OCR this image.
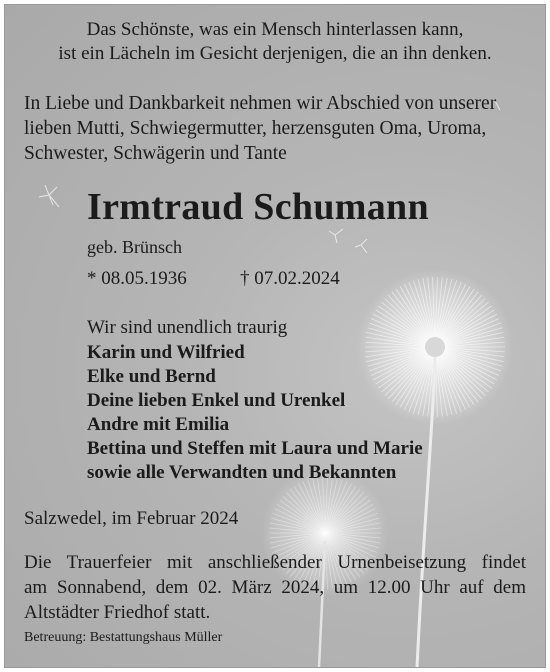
Das Schönste, was ein Mensch hinterlassen kann,
ist ein Lächeln im Gesicht derjenigen, die an ihn denken.
In Liebe und Dankbarkeit nehmen wir Abschied von unserer
lieben Mutti, Schwiegermutter, herzensguten Oma, Uroma,
Schwester, Schwägerin und Tante
Irmtraud Schumann
geb. Brünsch
* 08.05.1936	† 07.02.2024
Wir sind unendlich traurig
Karin und Wilfried
Elke und Bernd
Deine lieben Enkel und Urenkel
Andre mit Emilia
Bettina und Steffen mit Laura und Marie
sowie alle Verwandten und Bekannten
Salzwedel, im Februar 2024
Die Trauerfeier mit anschließender Urnenbeisetzung findet
am Sonnabend, dem 02. März 2024, um 12.00 Uhr auf dem
Altstädter Friedhof statt.
Betreuung: Bestattungshaus Müller
